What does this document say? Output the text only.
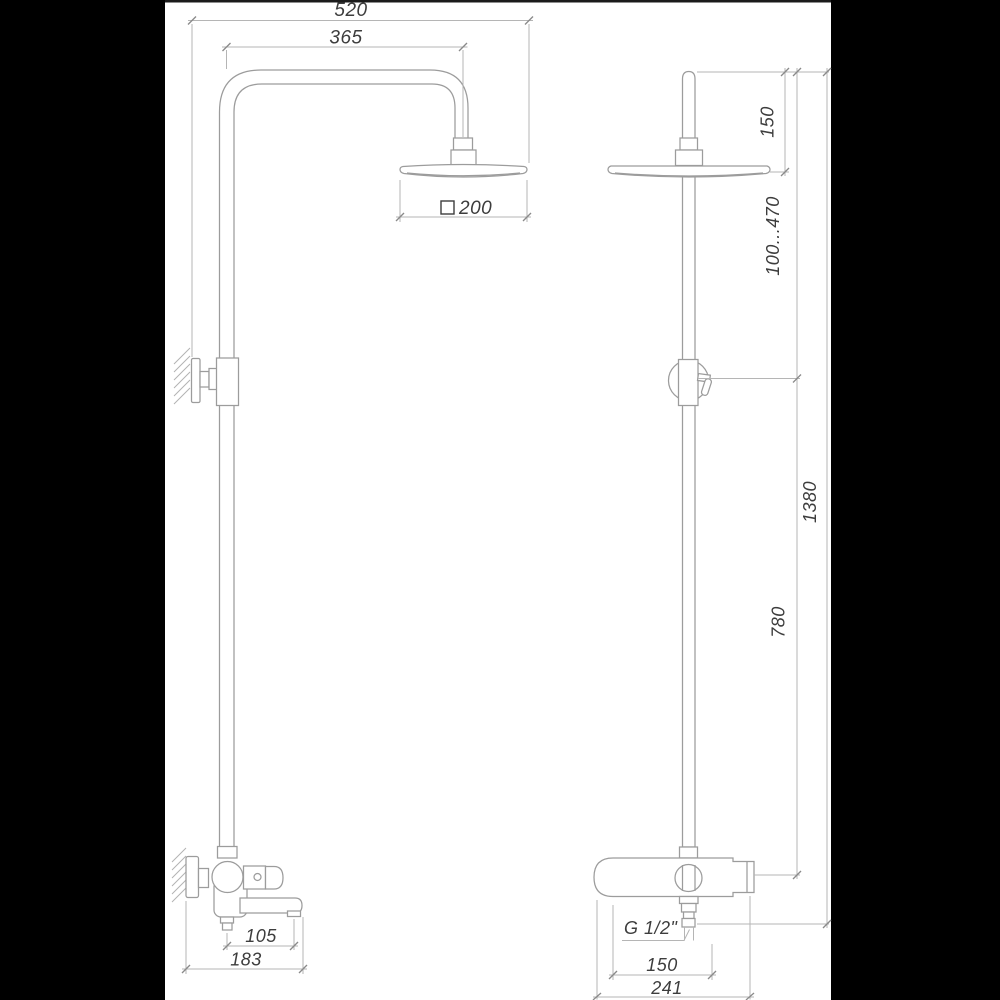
520
365
200
150
100...470
780
1380
105
183
G 1/2"
150
241
